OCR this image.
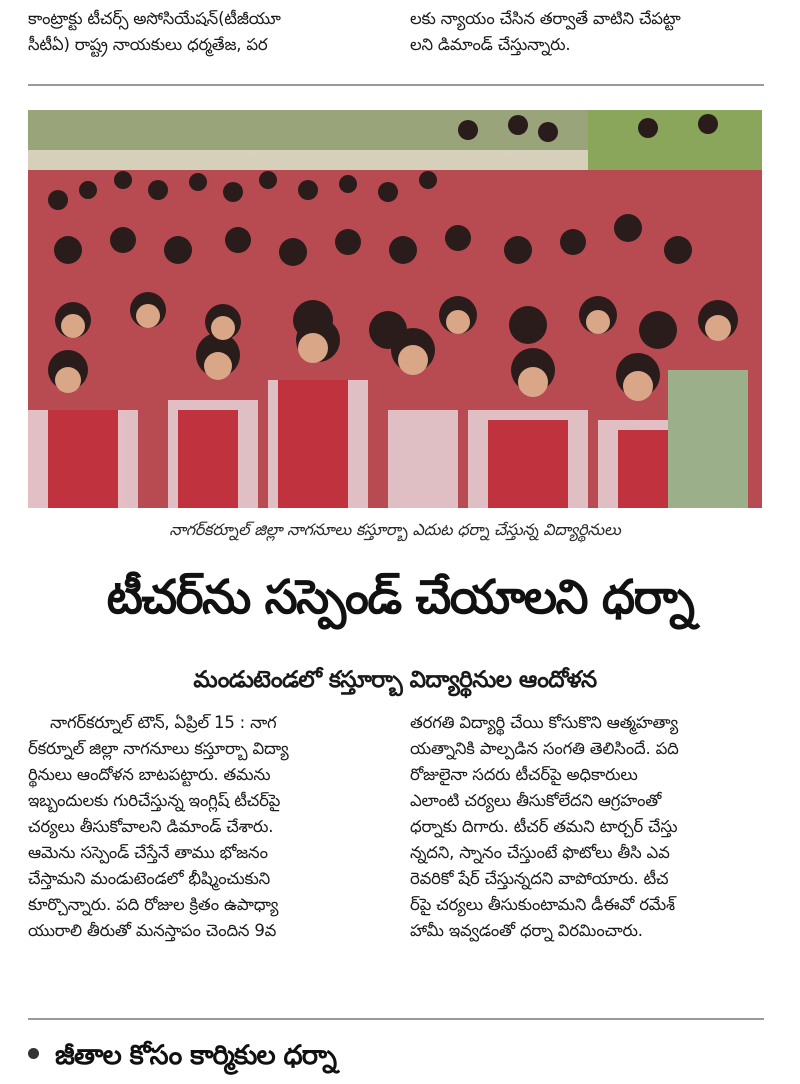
కాంట్రాక్టు టీచర్స్ అసోసియేషన్(టీజీయూ
సీటీఏ) రాష్ట్ర నాయకులు ధర్మతేజ, పర
లకు న్యాయం చేసిన తర్వాతే వాటిని చేపట్టా
లని డిమాండ్ చేస్తున్నారు.
నాగర్‌కర్నూల్ జిల్లా నాగనూలు కస్తూర్బా ఎదుట ధర్నా చేస్తున్న విద్యార్థినులు
టీచర్‌ను సస్పెండ్ చేయాలని ధర్నా
మండుటెండలో కస్తూర్బా విద్యార్థినుల ఆందోళన
నాగర్‌కర్నూల్ టౌన్, ఏప్రిల్ 15 : నాగ
ర్‌కర్నూల్ జిల్లా నాగనూలు కస్తూర్బా విద్యా
ర్థినులు ఆందోళన బాటపట్టారు. తమను
ఇబ్బందులకు గురిచేస్తున్న ఇంగ్లిష్ టీచర్‌పై
చర్యలు తీసుకోవాలని డిమాండ్ చేశారు.
ఆమెను సస్పెండ్ చేస్తేనే తాము భోజనం
చేస్తామని మండుటెండలో భీష్మించుకుని
కూర్చొన్నారు. పది రోజుల క్రితం ఉపాధ్యా
యురాలి తీరుతో మనస్తాపం చెందిన 9వ
తరగతి విద్యార్థి చేయి కోసుకొని ఆత్మహత్యా
యత్నానికి పాల్పడిన సంగతి తెలిసిందే. పది
రోజులైనా సదరు టీచర్‌పై అధికారులు
ఎలాంటి చర్యలు తీసుకోలేదని ఆగ్రహంతో
ధర్నాకు దిగారు. టీచర్ తమని టార్చర్ చేస్తు
న్నదని, స్నానం చేస్తుంటే ఫొటోలు తీసి ఎవ
రెవరికో షేర్ చేస్తున్నదని వాపోయారు. టీచ
ర్‌పై చర్యలు తీసుకుంటామని డీఈవో రమేశ్
హామీ ఇవ్వడంతో ధర్నా విరమించారు.
జీతాల కోసం కార్మికుల ధర్నా
